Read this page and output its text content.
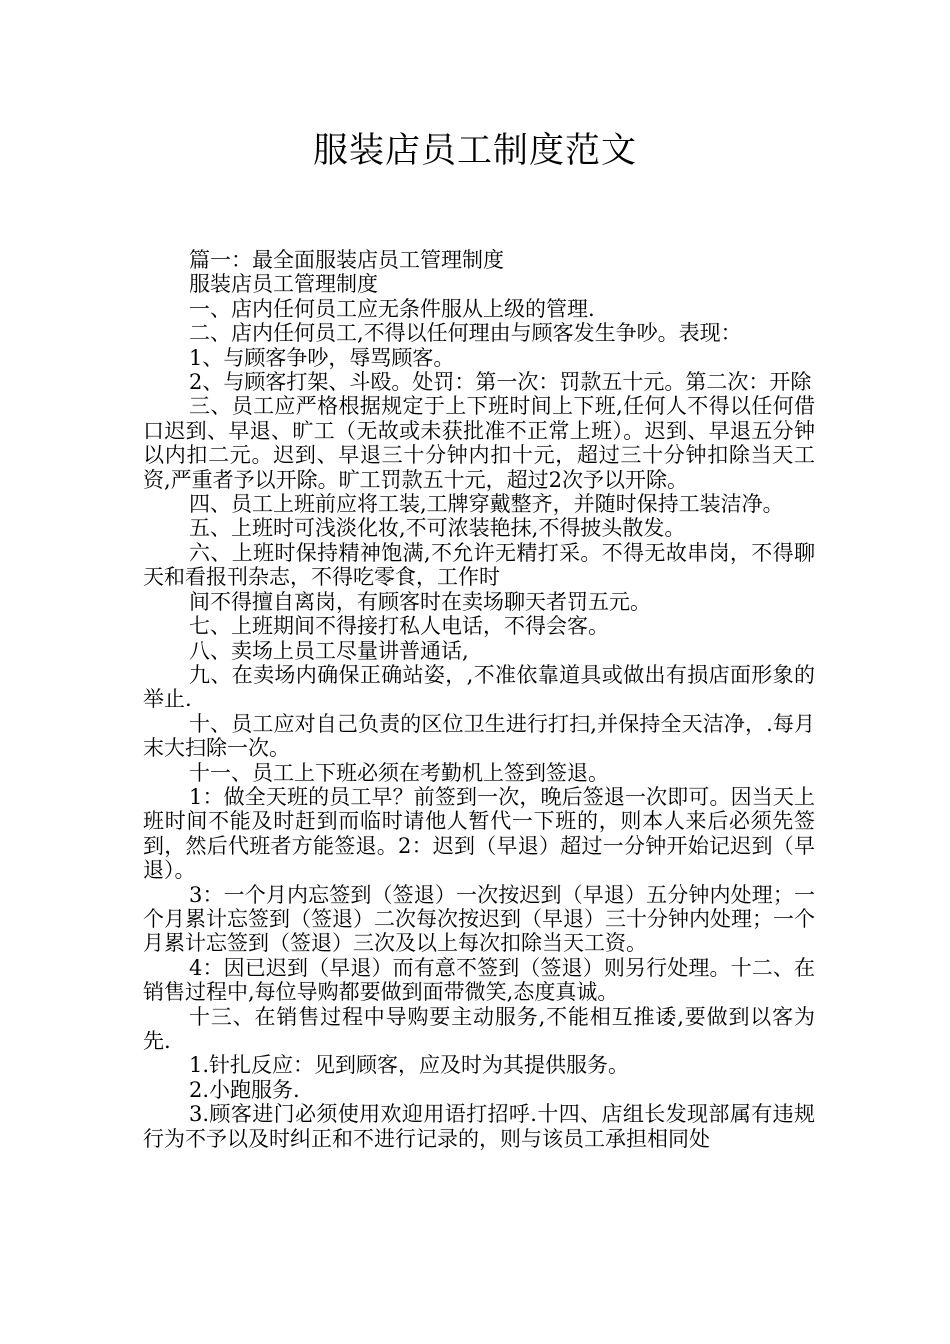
服装店员工制度范文

篇一：最全面服装店员工管理制度

服装店员工管理制度

一、店内任何员工应无条件服从上级的管理.

二、店内任何员工,不得以任何理由与顾客发生争吵。表现：

1、与顾客争吵，辱骂顾客。

2、与顾客打架、斗殴。处罚：第一次：罚款五十元。第二次：开除

三、员工应严格根据规定于上下班时间上下班,任何人不得以任何借口迟到、早退、旷工（无故或未获批准不正常上班）。迟到、早退五分钟以内扣二元。迟到、早退三十分钟内扣十元，超过三十分钟扣除当天工资,严重者予以开除。旷工罚款五十元，超过2次予以开除。

四、员工上班前应将工装,工牌穿戴整齐，并随时保持工装洁净。

五、上班时可浅淡化妆,不可浓装艳抹,不得披头散发。

六、上班时保持精神饱满,不允许无精打采。不得无故串岗，不得聊天和看报刊杂志，不得吃零食，工作时

间不得擅自离岗，有顾客时在卖场聊天者罚五元。

七、上班期间不得接打私人电话，不得会客。

八、卖场上员工尽量讲普通话,

九、在卖场内确保正确站姿，,不准依靠道具或做出有损店面形象的举止.

十、员工应对自己负责的区位卫生进行打扫,并保持全天洁净，.每月末大扫除一次。

十一、员工上下班必须在考勤机上签到签退。

1：做全天班的员工早？前签到一次，晚后签退一次即可。因当天上班时间不能及时赶到而临时请他人暂代一下班的，则本人来后必须先签到，然后代班者方能签退。2：迟到（早退）超过一分钟开始记迟到（早退）。

3：一个月内忘签到（签退）一次按迟到（早退）五分钟内处理；一个月累计忘签到（签退）二次每次按迟到（早退）三十分钟内处理；一个月累计忘签到（签退）三次及以上每次扣除当天工资。

4：因已迟到（早退）而有意不签到（签退）则另行处理。十二、在销售过程中,每位导购都要做到面带微笑,态度真诚。

十三、在销售过程中导购要主动服务,不能相互推诿,要做到以客为先.

1.针扎反应：见到顾客，应及时为其提供服务。

2.小跑服务.

3.顾客进门必须使用欢迎用语打招呼.十四、店组长发现部属有违规行为不予以及时纠正和不进行记录的，则与该员工承担相同处
